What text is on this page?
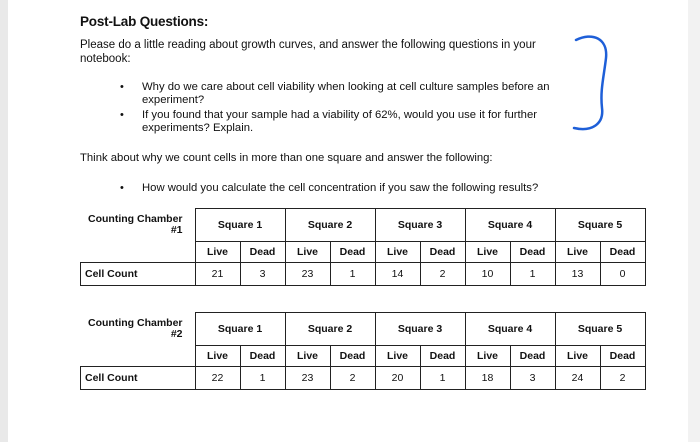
Post-Lab Questions:
Please do a little reading about growth curves, and answer the following questions in your notebook:
• Why do we care about cell viability when looking at cell culture samples before an experiment?
• If you found that your sample had a viability of 62%, would you use it for further experiments? Explain.
Think about why we count cells in more than one square and answer the following:
• How would you calculate the cell concentration if you saw the following results?
Counting Chamber #1	Square 1		Square 2		Square 3		Square 4		Square 5	
	Live	Dead	Live	Dead	Live	Dead	Live	Dead	Live	Dead
Cell Count	21	3	23	1	14	2	10	1	13	0
Counting Chamber #2	Square 1		Square 2		Square 3		Square 4		Square 5	
	Live	Dead	Live	Dead	Live	Dead	Live	Dead	Live	Dead
Cell Count	22	1	23	2	20	1	18	3	24	2
